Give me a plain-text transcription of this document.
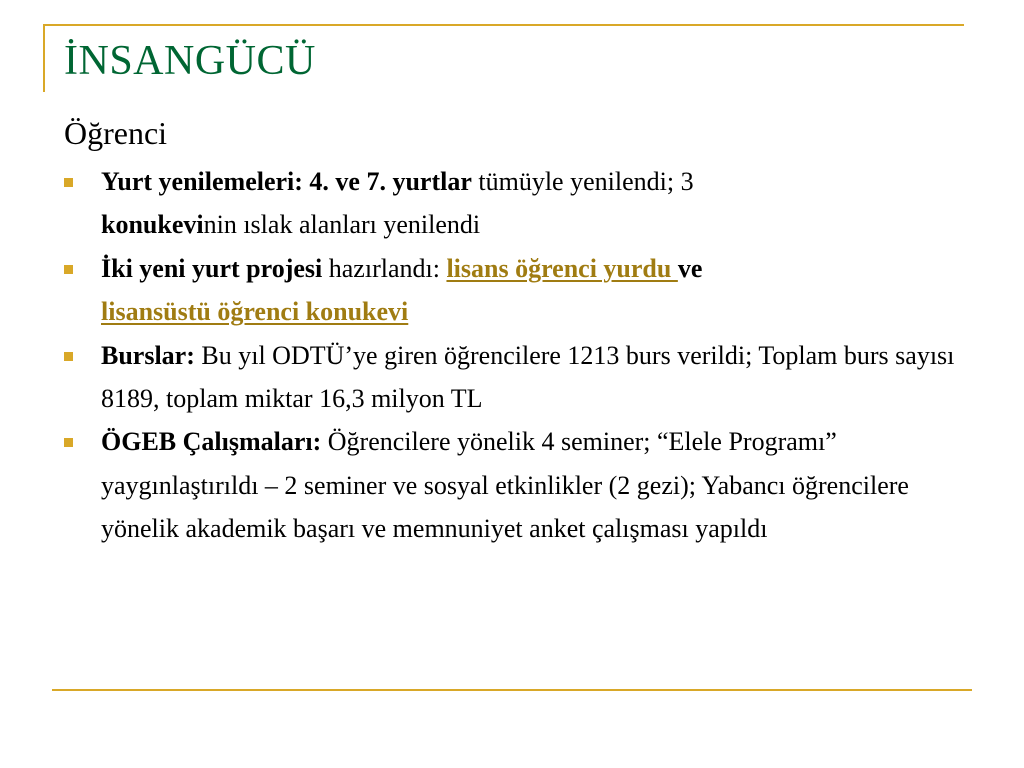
İNSANGÜCÜ
Öğrenci
Yurt yenilemeleri: 4. ve 7. yurtlar tümüyle yenilendi; 3
konukevinin ıslak alanları yenilendi
İki yeni yurt projesi hazırlandı: lisans öğrenci yurdu ve
lisansüstü öğrenci konukevi
Burslar: Bu yıl ODTÜ’ye giren öğrencilere 1213 burs verildi; Toplam burs sayısı 8189, toplam miktar 16,3 milyon TL
ÖGEB Çalışmaları: Öğrencilere yönelik 4 seminer; “Elele Programı” yaygınlaştırıldı – 2 seminer ve sosyal etkinlikler (2 gezi); Yabancı öğrencilere yönelik akademik başarı ve memnuniyet anket çalışması yapıldı
